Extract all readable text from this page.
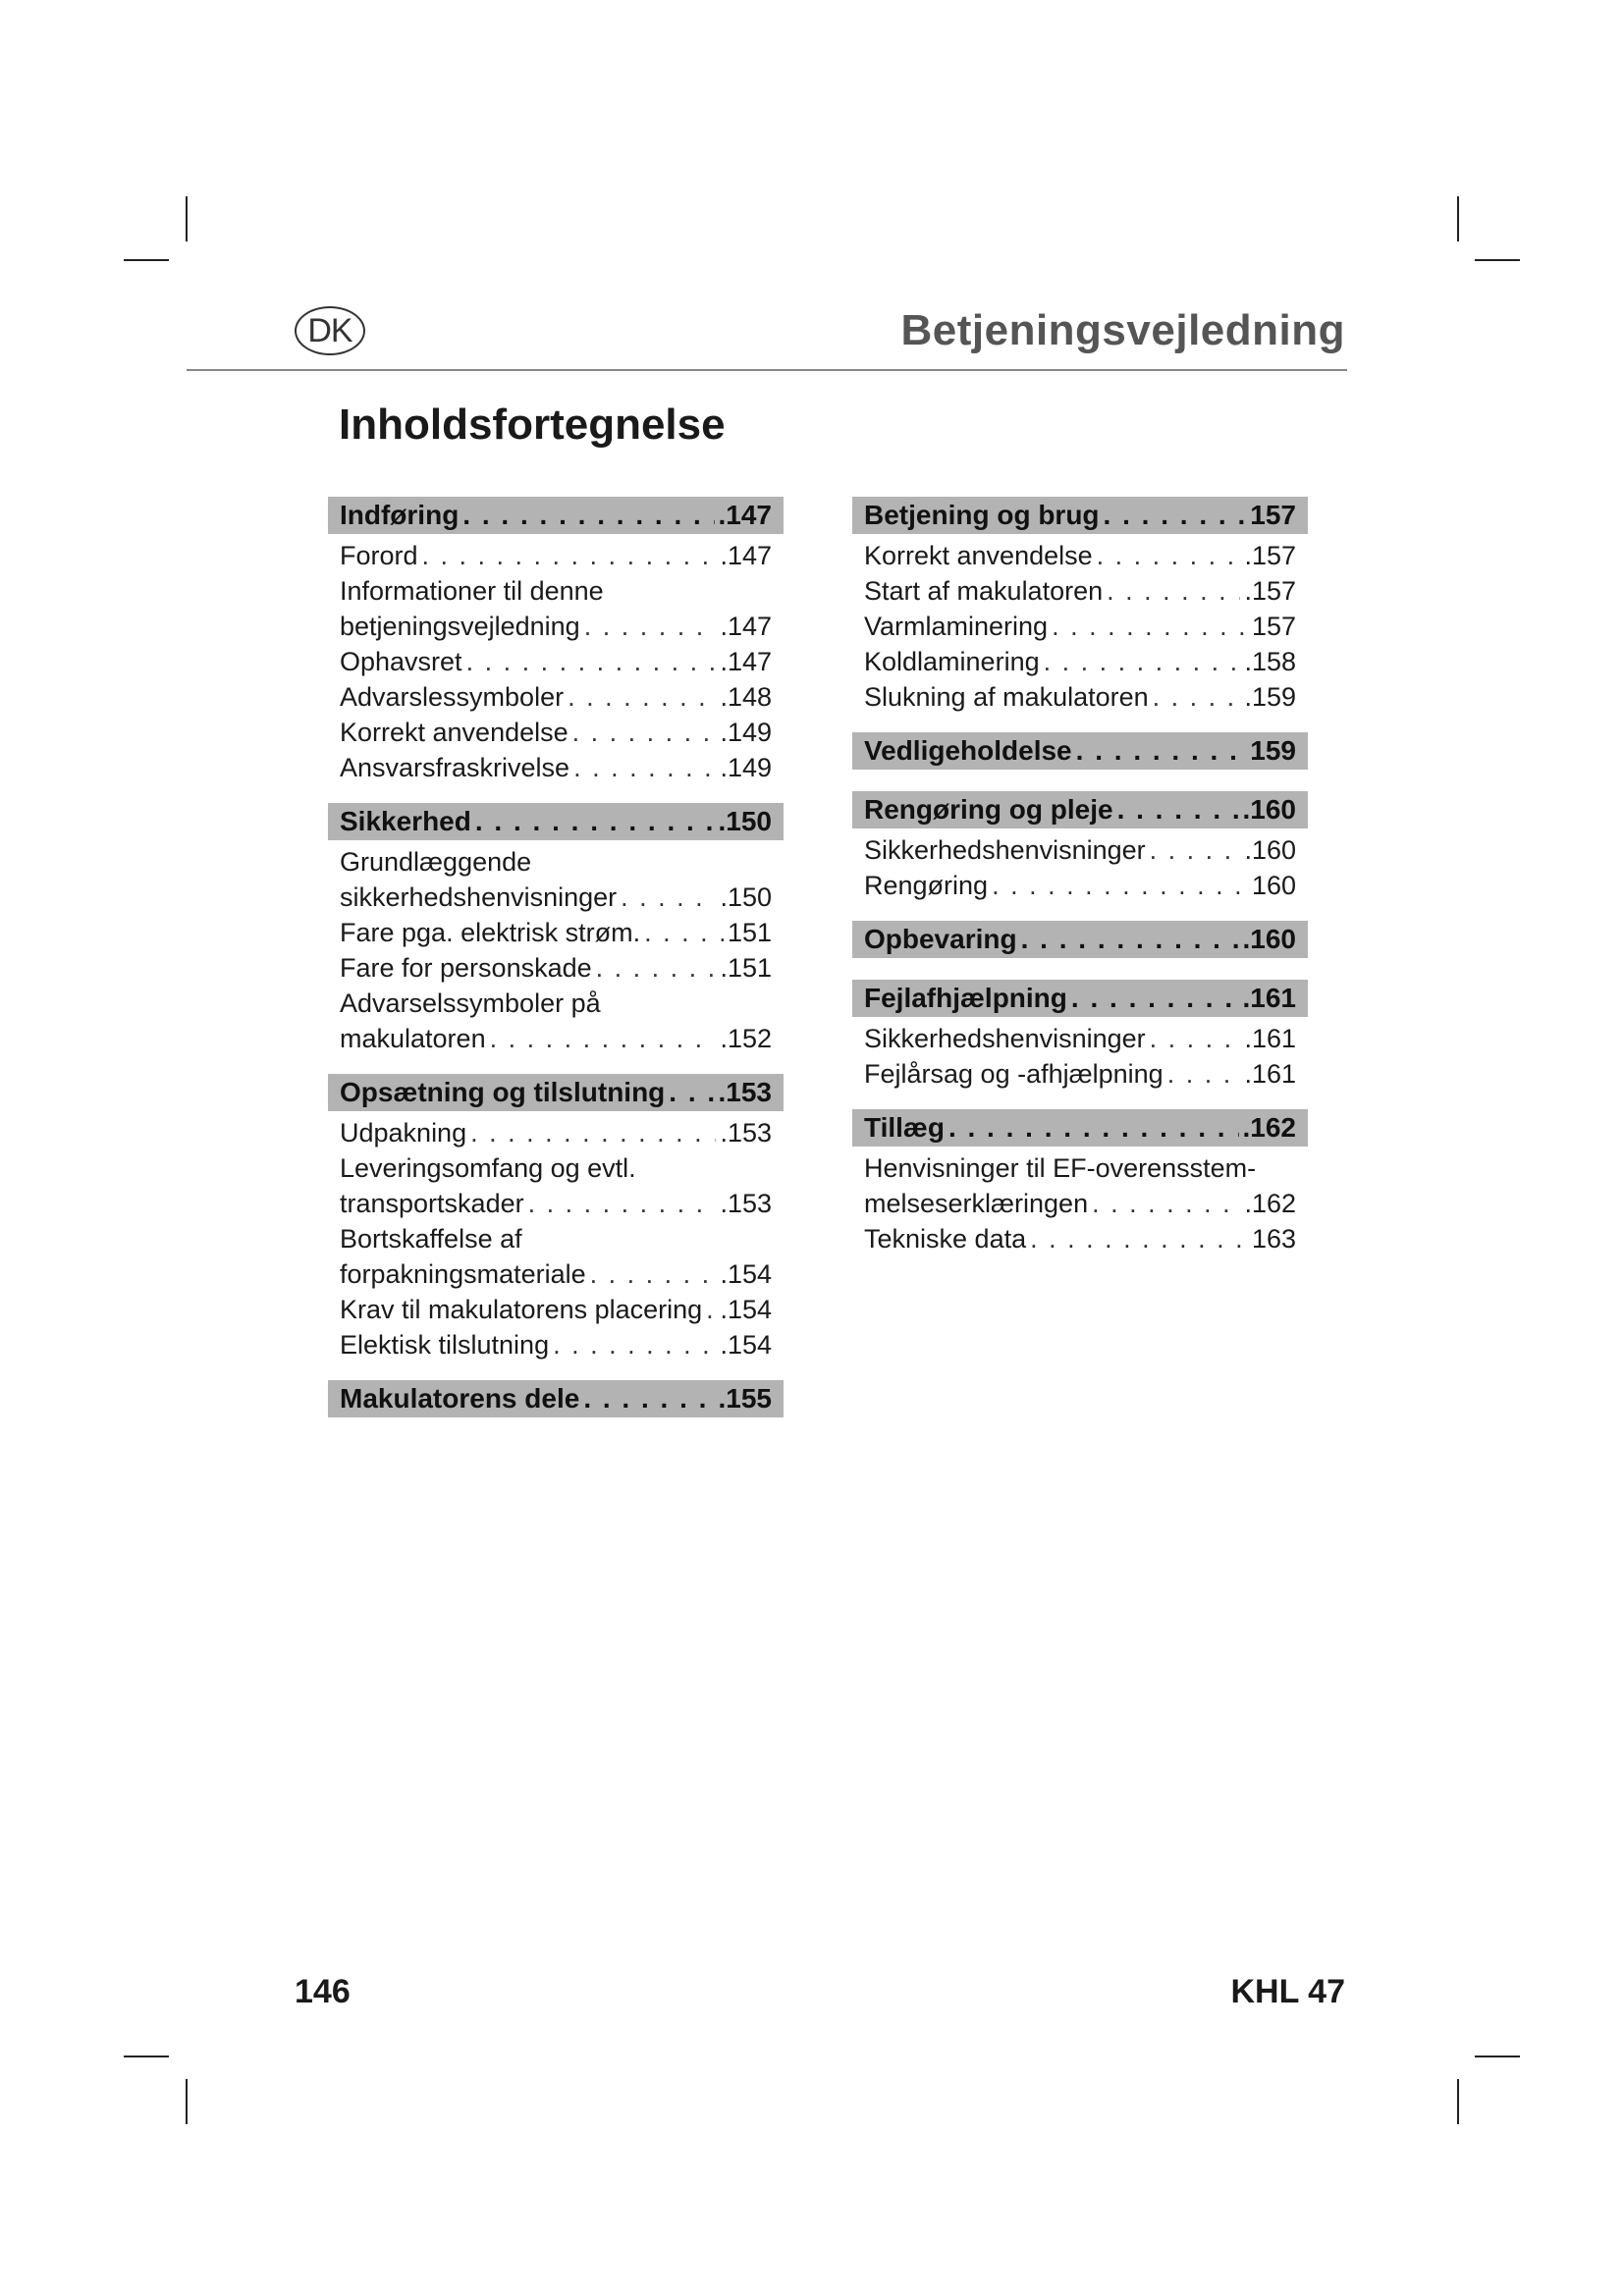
DK	Betjeningsvejledning
Inholdsfortegnelse
Indføring . . .	.147
Forord . . .	.147
Informationer til denne
betjeningsvejledning . . .	.147
Ophavsret . . .	.147
Advarslessymboler . . .	.148
Korrekt anvendelse . . .	.149
Ansvarsfraskrivelse . . .	.149
Sikkerhed . . .	.150
Grundlæggende
sikkerhedshenvisninger . . .	.150
Fare pga. elektrisk strøm. . . .	151
Fare for personskade . . .	.151
Advarselssymboler på
makulatoren . . .	.152
Opsætning og tilslutning . . . .153
Udpakning . . .	.153
Leveringsomfang og evtl.
transportskader . . .	.153
Bortskaffelse af
forpakningsmateriale . . .	.154
Krav til makulatorens placering . . . .154
Elektisk tilslutning . . .	.154
Makulatorens dele . . .	.155
Betjening og brug . . .	157
Korrekt anvendelse . . .	.157
Start af makulatoren . . .	.157
Varmlaminering . . .	157
Koldlaminering . . .	.158
Slukning af makulatoren . . .	.159
Vedligeholdelse . . .	159
Rengøring og pleje . . .	.160
Sikkerhedshenvisninger . . .	.160
Rengøring . . .	160
Opbevaring . . .	.160
Fejlafhjælpning . . .	.161
Sikkerhedshenvisninger . . .	.161
Fejlårsag og -afhjælpning . . .	.161
Tillæg . . .	.162
Henvisninger til EF-overensstem-
melseserklæringen . . .	.162
Tekniske data . . .	163
146	KHL 47
